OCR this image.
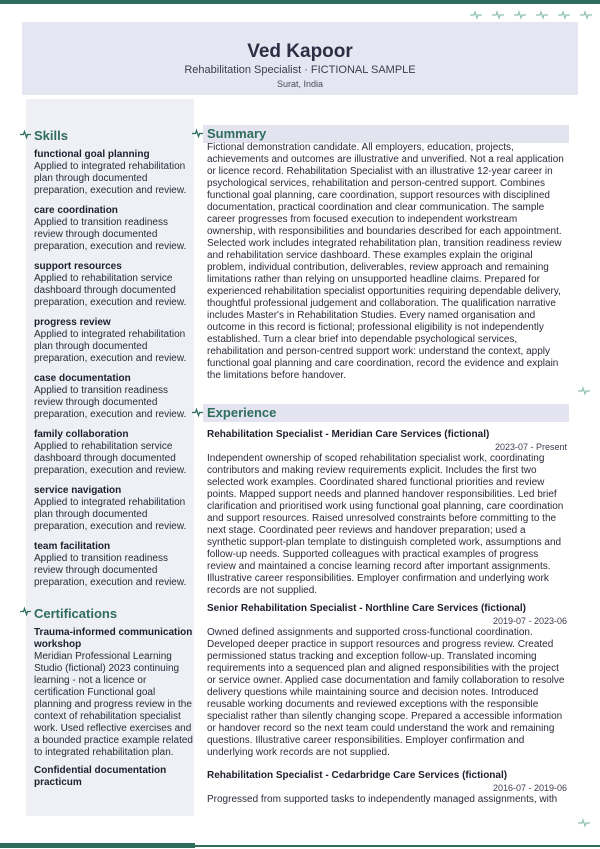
Ved Kapoor
Rehabilitation Specialist · FICTIONAL SAMPLE
Surat, India
Skills
functional goal planning
Applied to integrated rehabilitation plan through documented preparation, execution and review.
care coordination
Applied to transition readiness review through documented preparation, execution and review.
support resources
Applied to rehabilitation service dashboard through documented preparation, execution and review.
progress review
Applied to integrated rehabilitation plan through documented preparation, execution and review.
case documentation
Applied to transition readiness review through documented preparation, execution and review.
family collaboration
Applied to rehabilitation service dashboard through documented preparation, execution and review.
service navigation
Applied to integrated rehabilitation plan through documented preparation, execution and review.
team facilitation
Applied to transition readiness review through documented preparation, execution and review.
Certifications
Trauma-informed communication workshop
Meridian Professional Learning Studio (fictional) 2023 continuing learning - not a licence or certification Functional goal planning and progress review in the context of rehabilitation specialist work. Used reflective exercises and a bounded practice example related to integrated rehabilitation plan.
Confidential documentation practicum
Summary
Fictional demonstration candidate. All employers, education, projects, achievements and outcomes are illustrative and unverified. Not a real application or licence record. Rehabilitation Specialist with an illustrative 12-year career in psychological services, rehabilitation and person-centred support. Combines functional goal planning, care coordination, support resources with disciplined documentation, practical coordination and clear communication. The sample career progresses from focused execution to independent workstream ownership, with responsibilities and boundaries described for each appointment. Selected work includes integrated rehabilitation plan, transition readiness review and rehabilitation service dashboard. These examples explain the original problem, individual contribution, deliverables, review approach and remaining limitations rather than relying on unsupported headline claims. Prepared for experienced rehabilitation specialist opportunities requiring dependable delivery, thoughtful professional judgement and collaboration. The qualification narrative includes Master's in Rehabilitation Studies. Every named organisation and outcome in this record is fictional; professional eligibility is not independently established. Turn a clear brief into dependable psychological services, rehabilitation and person-centred support work: understand the context, apply functional goal planning and care coordination, record the evidence and explain the limitations before handover.
Experience
Rehabilitation Specialist - Meridian Care Services (fictional)
2023-07 - Present
Independent ownership of scoped rehabilitation specialist work, coordinating contributors and making review requirements explicit. Includes the first two selected work examples. Coordinated shared functional priorities and review points. Mapped support needs and planned handover responsibilities. Led brief clarification and prioritised work using functional goal planning, care coordination and support resources. Raised unresolved constraints before committing to the next stage. Coordinated peer reviews and handover preparation; used a synthetic support-plan template to distinguish completed work, assumptions and follow-up needs. Supported colleagues with practical examples of progress review and maintained a concise learning record after important assignments. Illustrative career responsibilities. Employer confirmation and underlying work records are not supplied.
Senior Rehabilitation Specialist - Northline Care Services (fictional)
2019-07 - 2023-06
Owned defined assignments and supported cross-functional coordination. Developed deeper practice in support resources and progress review. Created permissioned status tracking and exception follow-up. Translated incoming requirements into a sequenced plan and aligned responsibilities with the project or service owner. Applied case documentation and family collaboration to resolve delivery questions while maintaining source and decision notes. Introduced reusable working documents and reviewed exceptions with the responsible specialist rather than silently changing scope. Prepared a accessible information or handover record so the next team could understand the work and remaining questions. Illustrative career responsibilities. Employer confirmation and underlying work records are not supplied.
Rehabilitation Specialist - Cedarbridge Care Services (fictional)
2016-07 - 2019-06
Progressed from supported tasks to independently managed assignments, with
